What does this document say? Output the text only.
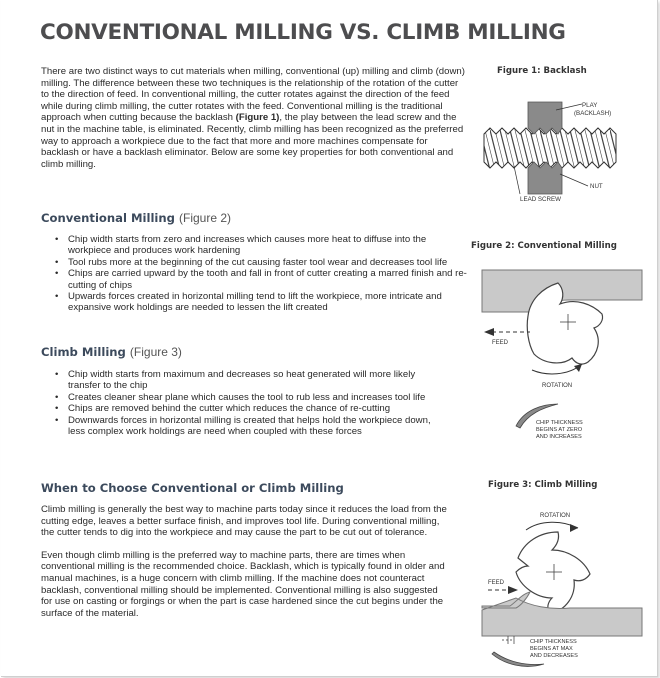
CONVENTIONAL MILLING VS. CLIMB MILLING

There are two distinct ways to cut materials when milling, conventional (up) milling and climb (down) milling. The difference between these two techniques is the relationship of the rotation of the cutter to the direction of feed. In conventional milling, the cutter rotates against the direction of the feed while during climb milling, the cutter rotates with the feed. Conventional milling is the traditional approach when cutting because the backlash (Figure 1), the play between the lead screw and the nut in the machine table, is eliminated. Recently, climb milling has been recognized as the preferred way to approach a workpiece due to the fact that more and more machines compensate for backlash or have a backlash eliminator. Below are some key properties for both conventional and climb milling.

Conventional Milling (Figure 2)
• Chip width starts from zero and increases which causes more heat to diffuse into the workpiece and produces work hardening
• Tool rubs more at the beginning of the cut causing faster tool wear and decreases tool life
• Chips are carried upward by the tooth and fall in front of cutter creating a marred finish and re-cutting of chips
• Upwards forces created in horizontal milling tend to lift the workpiece, more intricate and expansive work holdings are needed to lessen the lift created
Climb Milling (Figure 3)
• Chip width starts from maximum and decreases so heat generated will more likely transfer to the chip
• Creates cleaner shear plane which causes the tool to rub less and increases tool life
• Chips are removed behind the cutter which reduces the chance of re-cutting
• Downwards forces in horizontal milling is created that helps hold the workpiece down, less complex work holdings are need when coupled with these forces
When to Choose Conventional or Climb Milling

Climb milling is generally the best way to machine parts today since it reduces the load from the cutting edge, leaves a better surface finish, and improves tool life. During conventional milling, the cutter tends to dig into the workpiece and may cause the part to be cut out of tolerance.

Even though climb milling is the preferred way to machine parts, there are times when conventional milling is the recommended choice. Backlash, which is typically found in older and manual machines, is a huge concern with climb milling. If the machine does not counteract backlash, conventional milling should be implemented. Conventional milling is also suggested for use on casting or forgings or when the part is case hardened since the cut begins under the surface of the material.

Figure 1: Backlash
Figure 2: Conventional Milling
Figure 3: Climb Milling
PLAY
(BACKLASH)
NUT
LEAD SCREW
FEED
ROTATION
CHIP THICKNESS
BEGINS AT ZERO
AND INCREASES
ROTATION
FEED
CHIP THICKNESS
BEGINS AT MAX
AND DECREASES
